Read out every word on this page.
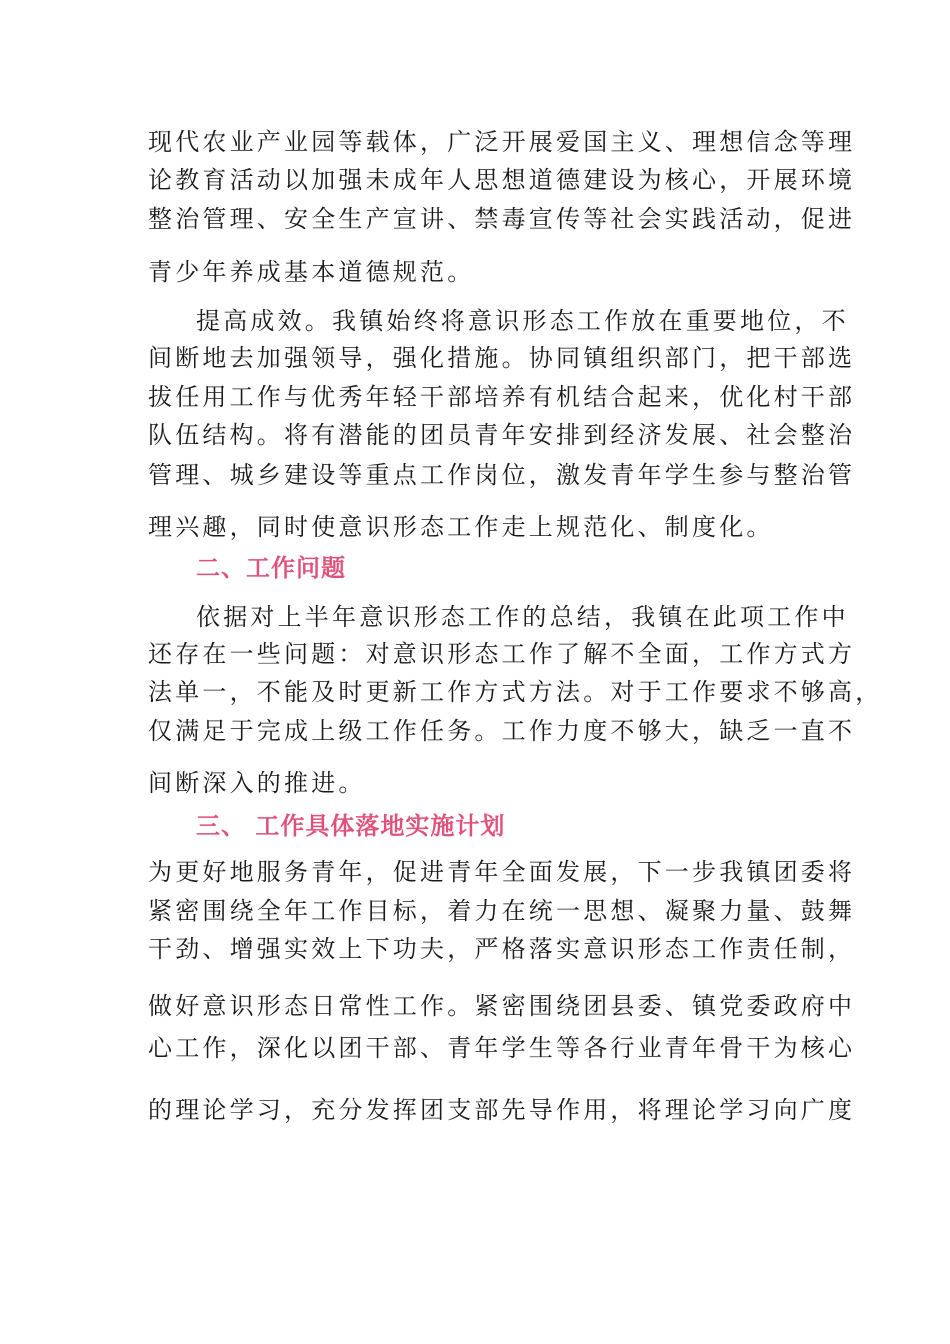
现代农业产业园等载体，广泛开展爱国主义、理想信念等理
论教育活动以加强未成年人思想道德建设为核心，开展环境
整治管理、安全生产宣讲、禁毒宣传等社会实践活动，促进
青少年养成基本道德规范。
提高成效。我镇始终将意识形态工作放在重要地位，不
间断地去加强领导，强化措施。协同镇组织部门，把干部选
拔任用工作与优秀年轻干部培养有机结合起来，优化村干部
队伍结构。将有潜能的团员青年安排到经济发展、社会整治
管理、城乡建设等重点工作岗位，激发青年学生参与整治管
理兴趣，同时使意识形态工作走上规范化、制度化。
二、工作问题
依据对上半年意识形态工作的总结，我镇在此项工作中
还存在一些问题：对意识形态工作了解不全面，工作方式方
法单一，不能及时更新工作方式方法。对于工作要求不够高，
仅满足于完成上级工作任务。工作力度不够大，缺乏一直不
间断深入的推进。
三、 工作具体落地实施计划
为更好地服务青年，促进青年全面发展，下一步我镇团委将
紧密围绕全年工作目标，着力在统一思想、凝聚力量、鼓舞
干劲、增强实效上下功夫，严格落实意识形态工作责任制，
做好意识形态日常性工作。紧密围绕团县委、镇党委政府中
心工作，深化以团干部、青年学生等各行业青年骨干为核心
的理论学习，充分发挥团支部先导作用，将理论学习向广度
